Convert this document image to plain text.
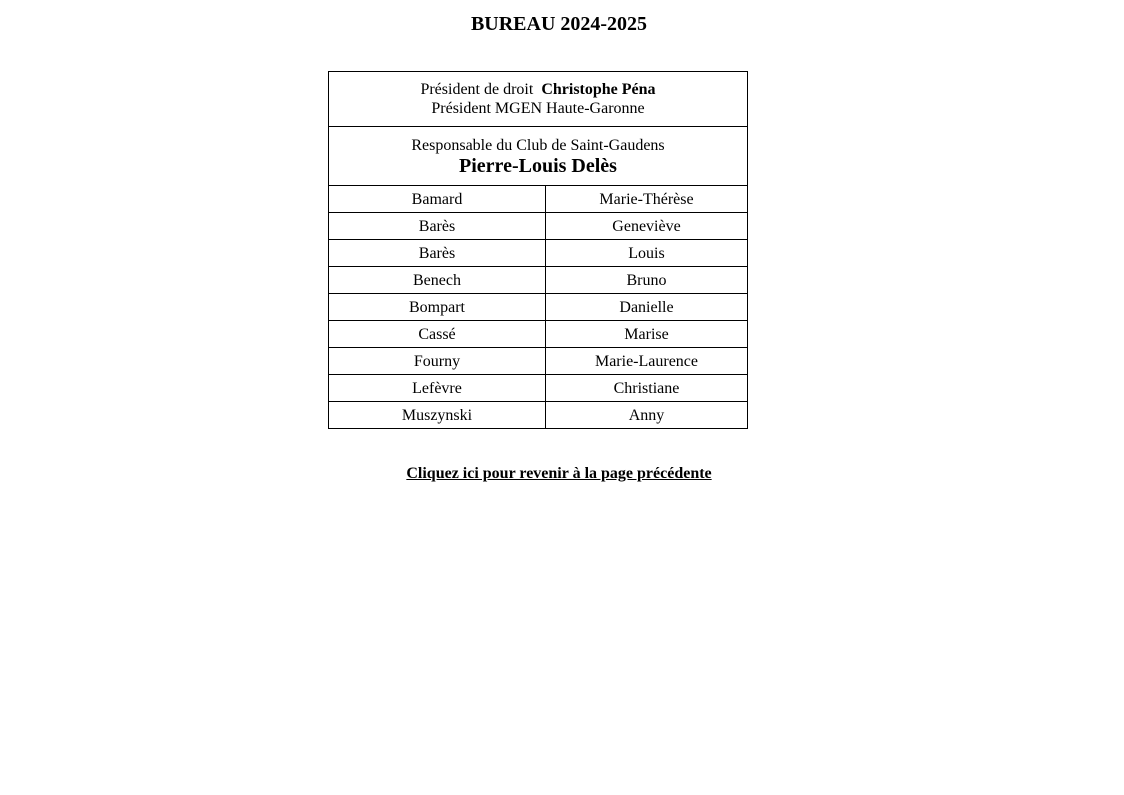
BUREAU 2024-2025
Président de droit Christophe Péna
Président MGEN Haute-Garonne	

Responsable du Club de Saint-Gaudens
Pierre-Louis Delès	

Bamard	Marie-Thérèse
Barès	Geneviève
Barès	Louis
Benech	Bruno
Bompart	Danielle
Cassé	Marise
Fourny	Marie-Laurence
Lefèvre	Christiane
Muszynski	Anny
Cliquez ici pour revenir à la page précédente
